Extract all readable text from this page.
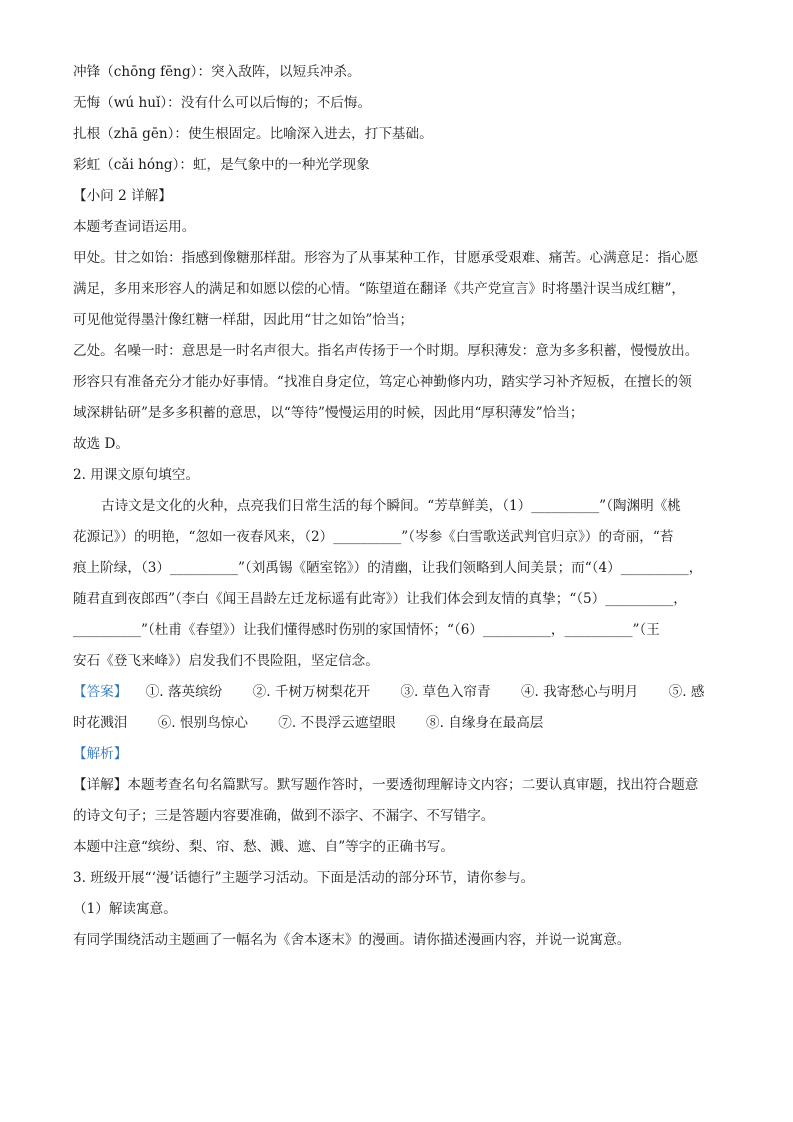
冲锋（chōng fēng）：突入敌阵，以短兵冲杀。
无悔（wú huǐ）：没有什么可以后悔的；不后悔。
扎根（zhā gēn）：使生根固定。比喻深入进去，打下基础。
彩虹（cǎi hóng）：虹，是气象中的一种光学现象
【小问 2 详解】
本题考查词语运用。
甲处。甘之如饴：指感到像糖那样甜。形容为了从事某种工作，甘愿承受艰难、痛苦。心满意足：指心愿
满足，多用来形容人的满足和如愿以偿的心情。“陈望道在翻译《共产党宣言》时将墨汁误当成红糖”，
可见他觉得墨汁像红糖一样甜，因此用“甘之如饴”恰当；
乙处。名噪一时：意思是一时名声很大。指名声传扬于一个时期。厚积薄发：意为多多积蓄，慢慢放出。
形容只有准备充分才能办好事情。“找准自身定位，笃定心神勤修内功，踏实学习补齐短板，在擅长的领
域深耕钻研”是多多积蓄的意思，以“等待”慢慢运用的时候，因此用“厚积薄发”恰当；
故选 D。
2. 用课文原句填空。
古诗文是文化的火种，点亮我们日常生活的每个瞬间。“芳草鲜美，（1）__________”（陶渊明《桃
花源记》）的明艳，“忽如一夜春风来，（2）__________”（岑参《白雪歌送武判官归京》）的奇丽，“苔
痕上阶绿，（3）__________”（刘禹锡《陋室铭》）的清幽，让我们领略到人间美景；而“（4）__________，
随君直到夜郎西”（李白《闻王昌龄左迁龙标遥有此寄》）让我们体会到友情的真挚；“（5）__________，
__________”（杜甫《春望》）让我们懂得感时伤别的家国情怀；“（6）__________，__________”（王
安石《登飞来峰》）启发我们不畏险阻，坚定信念。
【答案】 ①. 落英缤纷 ②. 千树万树梨花开 ③. 草色入帘青 ④. 我寄愁心与明月 ⑤. 感
时花溅泪 ⑥. 恨别鸟惊心 ⑦. 不畏浮云遮望眼 ⑧. 自缘身在最高层
【解析】
【详解】本题考查名句名篇默写。默写题作答时，一要透彻理解诗文内容；二要认真审题，找出符合题意
的诗文句子；三是答题内容要准确，做到不添字、不漏字、不写错字。
本题中注意“缤纷、梨、帘、愁、溅、遮、自”等字的正确书写。
3. 班级开展“‘漫’话德行”主题学习活动。下面是活动的部分环节，请你参与。
（1）解读寓意。
有同学围绕活动主题画了一幅名为《舍本逐末》的漫画。请你描述漫画内容，并说一说寓意。
